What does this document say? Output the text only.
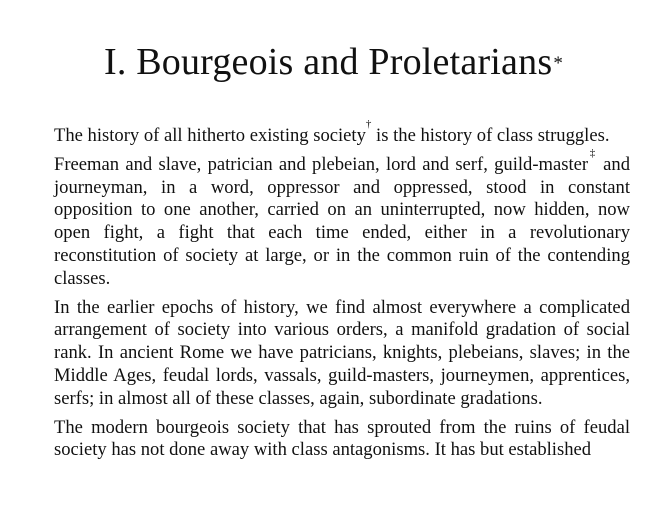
I. Bourgeois and Proletarians*

The history of all hitherto existing society† is the history of class struggles.

Freeman and slave, patrician and plebeian, lord and serf, guild-master‡ and journeyman, in a word, oppressor and oppressed, stood in constant opposition to one another, carried on an uninterrupted, now hidden, now open fight, a fight that each time ended, either in a revolutionary reconstitution of society at large, or in the common ruin of the contending classes.

In the earlier epochs of history, we find almost everywhere a complicated arrangement of society into various orders, a manifold gradation of social rank. In ancient Rome we have patricians, knights, plebeians, slaves; in the Middle Ages, feudal lords, vassals, guild-masters, journeymen, apprentices, serfs; in almost all of these classes, again, subordinate gradations.

The modern bourgeois society that has sprouted from the ruins of feudal society has not done away with class antagonisms. It has but established
